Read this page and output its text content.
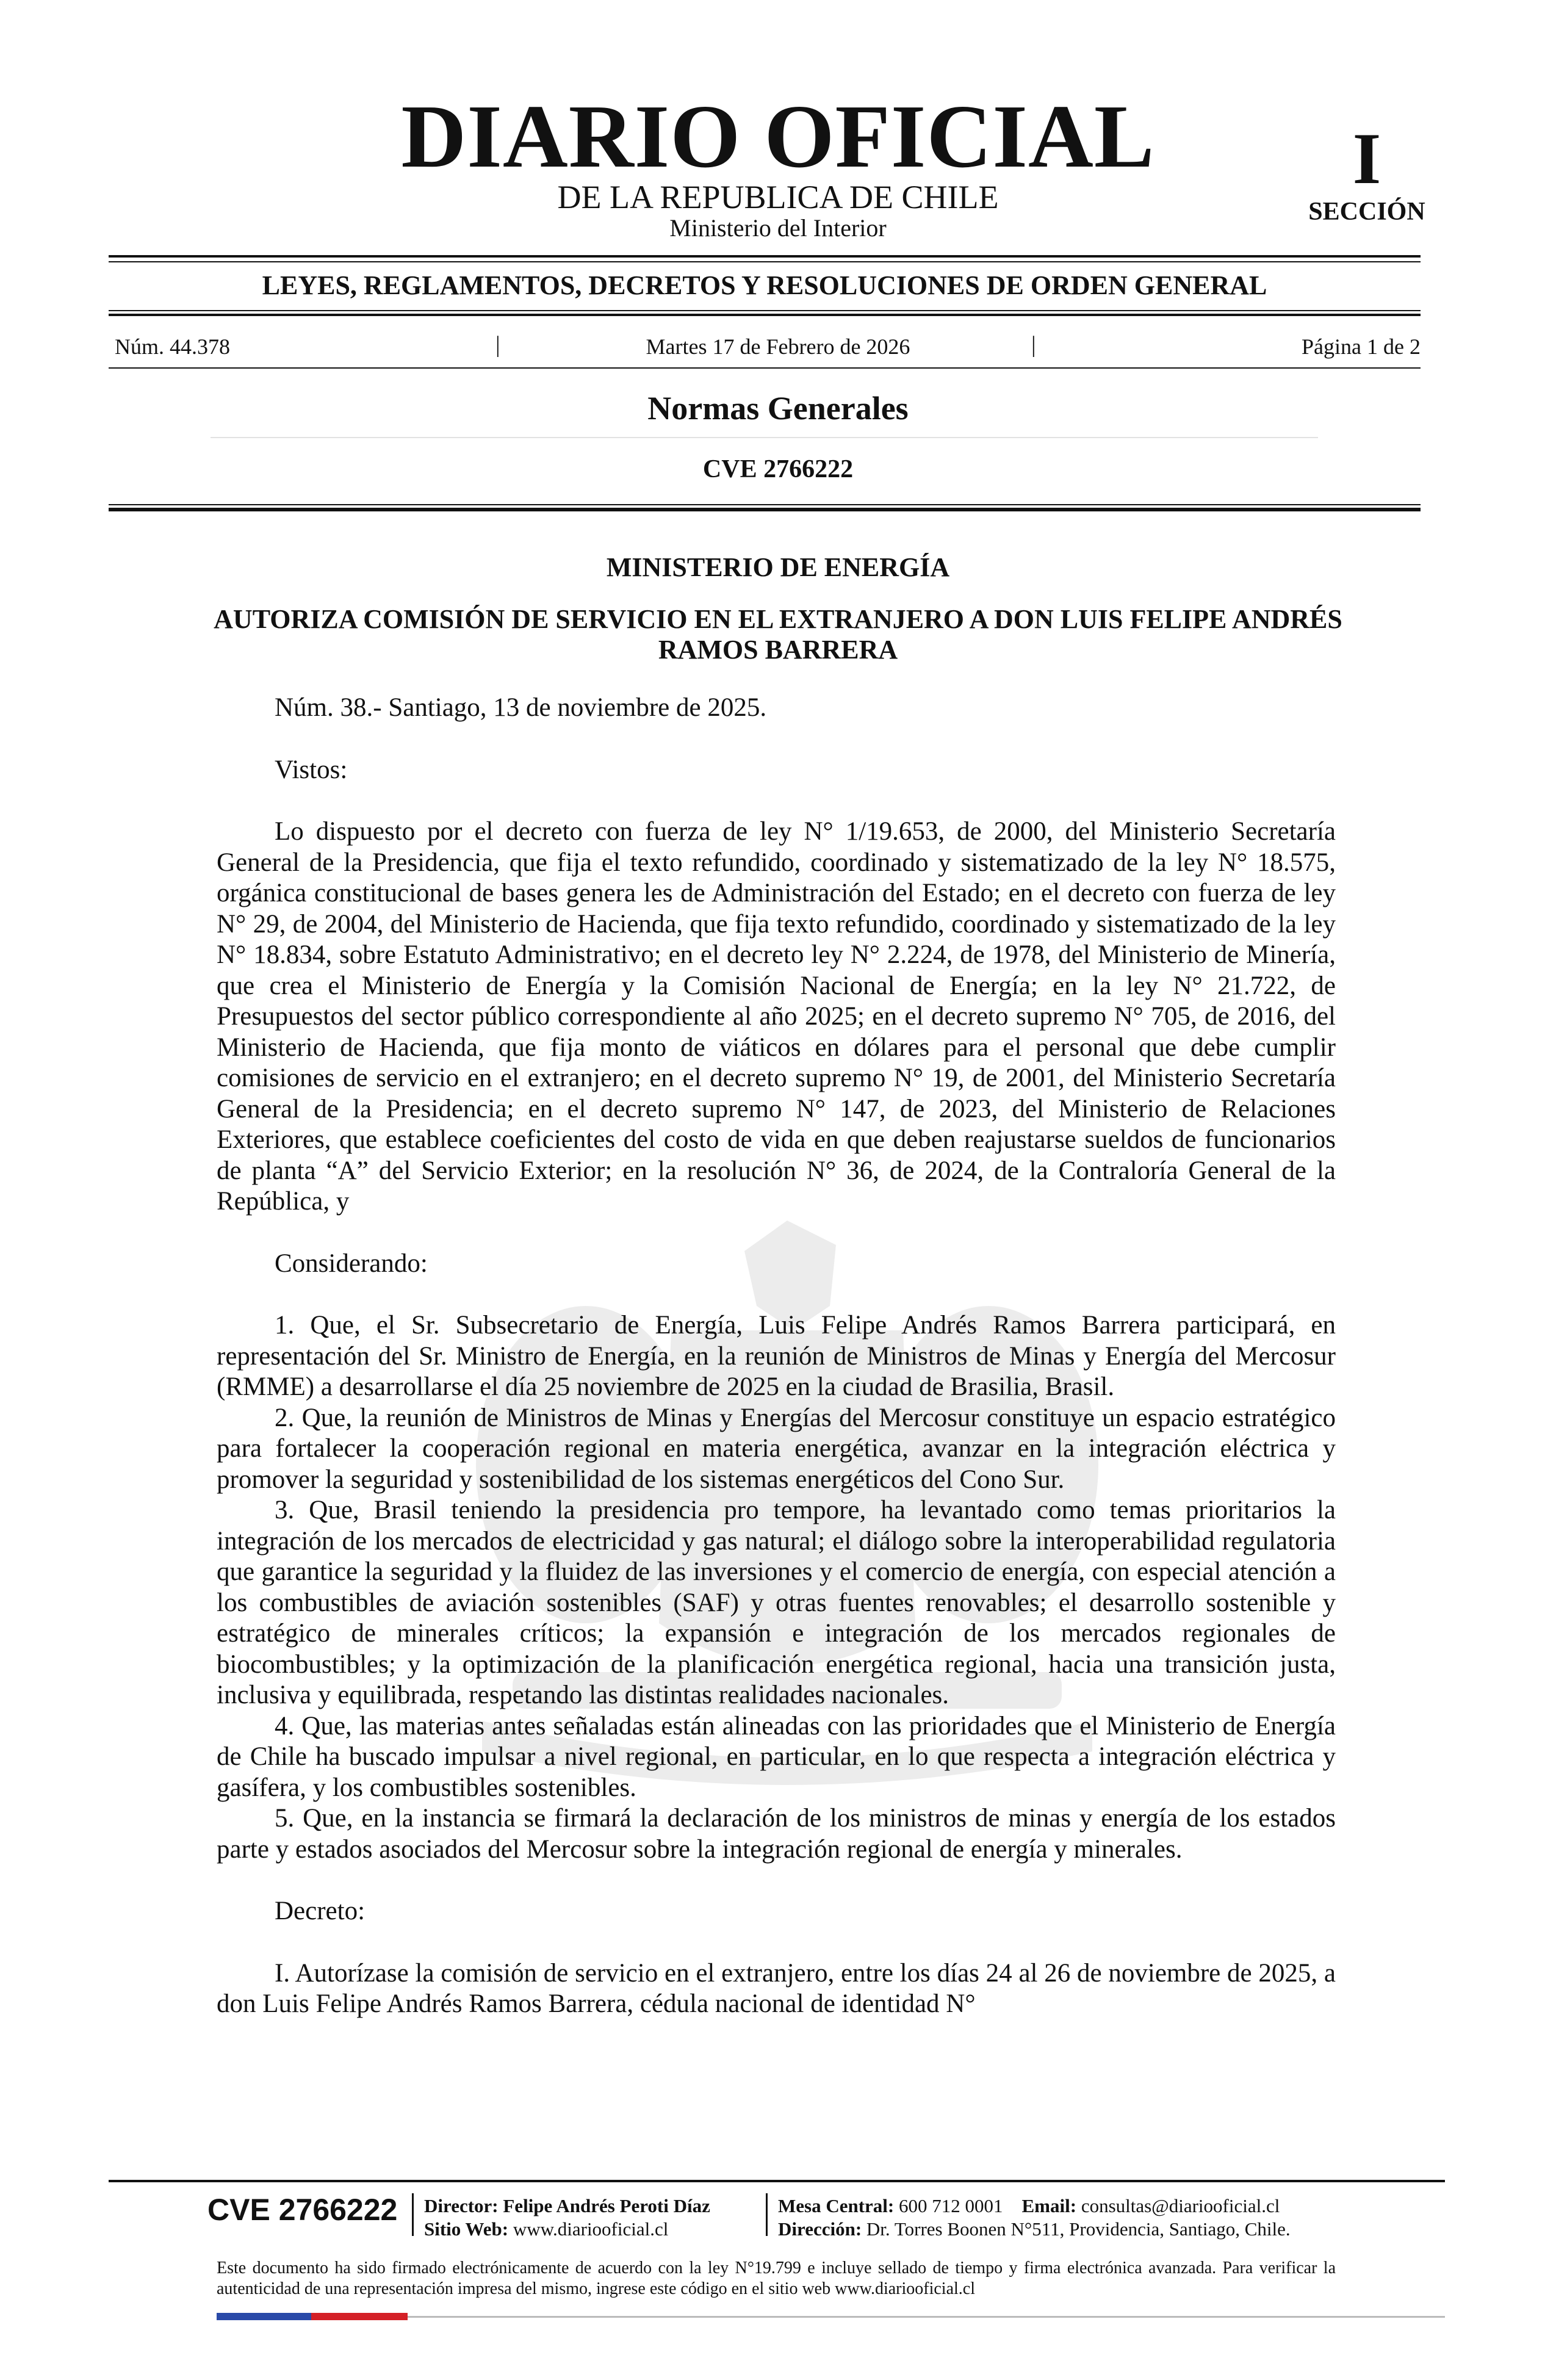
DIARIO OFICIAL
DE LA REPUBLICA DE CHILE
Ministerio del Interior
I
SECCIÓN
LEYES, REGLAMENTOS, DECRETOS Y RESOLUCIONES DE ORDEN GENERAL
Núm. 44.378	|	Martes 17 de Febrero de 2026	|	Página 1 de 2
Normas Generales
CVE 2766222
MINISTERIO DE ENERGÍA
AUTORIZA COMISIÓN DE SERVICIO EN EL EXTRANJERO A DON LUIS FELIPE ANDRÉS RAMOS BARRERA

Núm. 38.- Santiago, 13 de noviembre de 2025.

Vistos:

Lo dispuesto por el decreto con fuerza de ley N° 1/19.653, de 2000, del Ministerio Secretaría General de la Presidencia, que fija el texto refundido, coordinado y sistematizado de la ley N° 18.575, orgánica constitucional de bases genera les de Administración del Estado; en el decreto con fuerza de ley N° 29, de 2004, del Ministerio de Hacienda, que fija texto refundido, coordinado y sistematizado de la ley N° 18.834, sobre Estatuto Administrativo; en el decreto ley N° 2.224, de 1978, del Ministerio de Minería, que crea el Ministerio de Energía y la Comisión Nacional de Energía; en la ley N° 21.722, de Presupuestos del sector público correspondiente al año 2025; en el decreto supremo N° 705, de 2016, del Ministerio de Hacienda, que fija monto de viáticos en dólares para el personal que debe cumplir comisiones de servicio en el extranjero; en el decreto supremo N° 19, de 2001, del Ministerio Secretaría General de la Presidencia; en el decreto supremo N° 147, de 2023, del Ministerio de Relaciones Exteriores, que establece coeficientes del costo de vida en que deben reajustarse sueldos de funcionarios de planta “A” del Servicio Exterior; en la resolución N° 36, de 2024, de la Contraloría General de la República, y

Considerando:

1. Que, el Sr. Subsecretario de Energía, Luis Felipe Andrés Ramos Barrera participará, en representación del Sr. Ministro de Energía, en la reunión de Ministros de Minas y Energía del Mercosur (RMME) a desarrollarse el día 25 noviembre de 2025 en la ciudad de Brasilia, Brasil.

2. Que, la reunión de Ministros de Minas y Energías del Mercosur constituye un espacio estratégico para fortalecer la cooperación regional en materia energética, avanzar en la integración eléctrica y promover la seguridad y sostenibilidad de los sistemas energéticos del Cono Sur.

3. Que, Brasil teniendo la presidencia pro tempore, ha levantado como temas prioritarios la integración de los mercados de electricidad y gas natural; el diálogo sobre la interoperabilidad regulatoria que garantice la seguridad y la fluidez de las inversiones y el comercio de energía, con especial atención a los combustibles de aviación sostenibles (SAF) y otras fuentes renovables; el desarrollo sostenible y estratégico de minerales críticos; la expansión e integración de los mercados regionales de biocombustibles; y la optimización de la planificación energética regional, hacia una transición justa, inclusiva y equilibrada, respetando las distintas realidades nacionales.

4. Que, las materias antes señaladas están alineadas con las prioridades que el Ministerio de Energía de Chile ha buscado impulsar a nivel regional, en particular, en lo que respecta a integración eléctrica y gasífera, y los combustibles sostenibles.

5. Que, en la instancia se firmará la declaración de los ministros de minas y energía de los estados parte y estados asociados del Mercosur sobre la integración regional de energía y minerales.

Decreto:

I. Autorízase la comisión de servicio en el extranjero, entre los días 24 al 26 de noviembre de 2025, a don Luis Felipe Andrés Ramos Barrera, cédula nacional de identidad N°

CVE 2766222 Director: Felipe Andrés Peroti Díaz
Sitio Web: www.diariooficial.cl
Mesa Central: 600 712 0001 Email: consultas@diariooficial.cl
Dirección: Dr. Torres Boonen N°511, Providencia, Santiago, Chile.
Este documento ha sido firmado electrónicamente de acuerdo con la ley N°19.799 e incluye sellado de tiempo y firma electrónica avanzada. Para verificar la autenticidad de una representación impresa del mismo, ingrese este código en el sitio web www.diariooficial.cl
